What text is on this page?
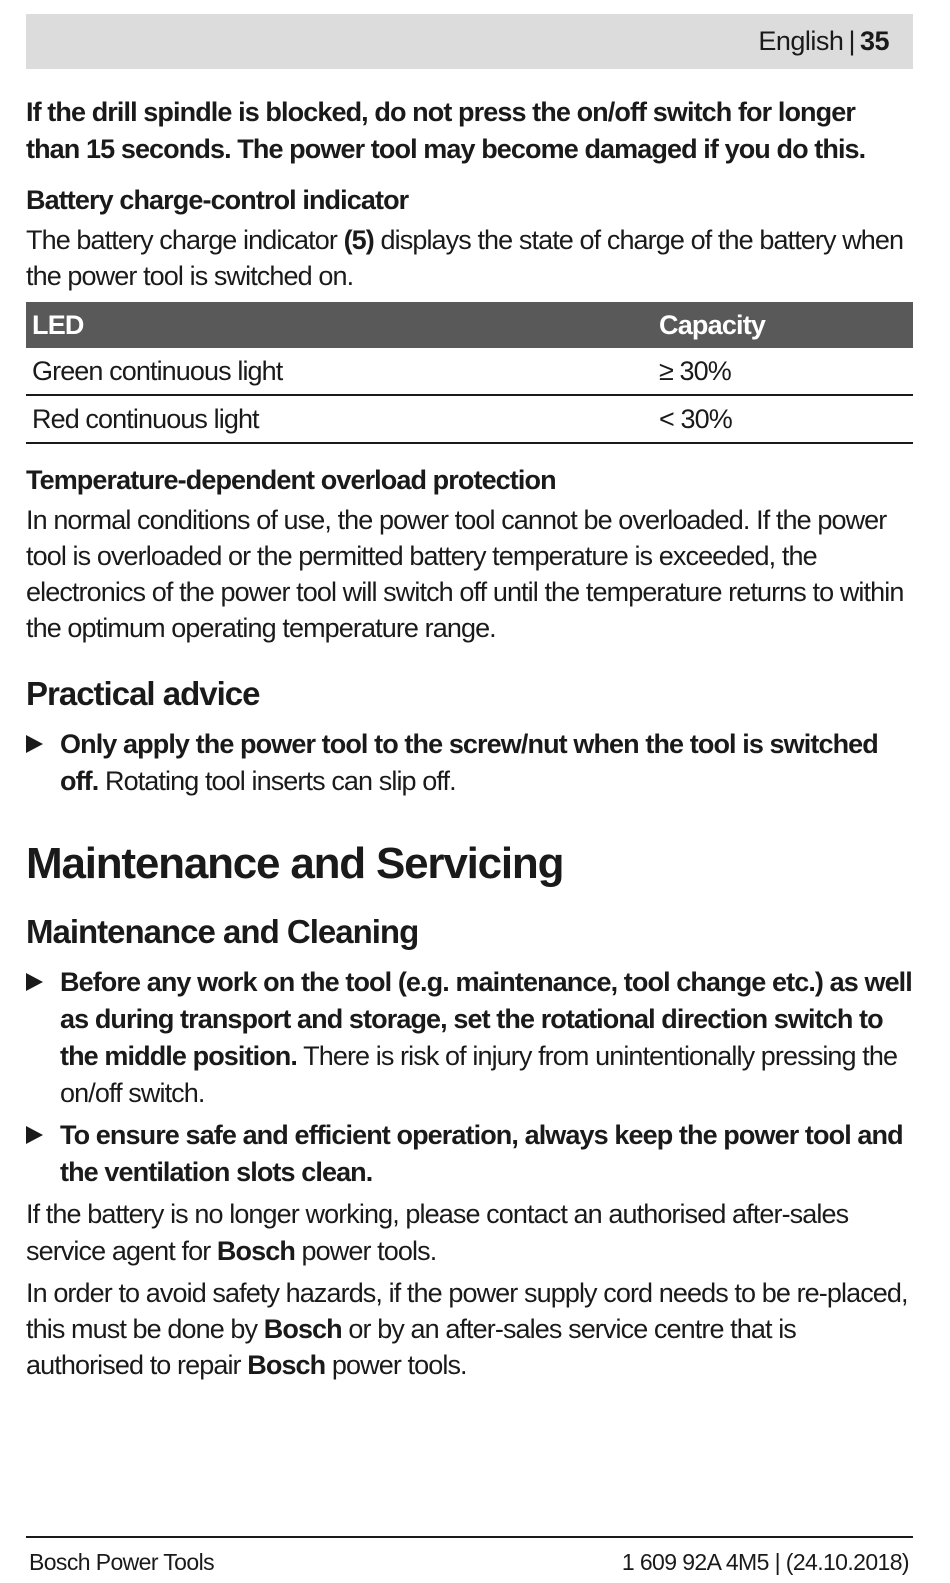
English | 35

If the drill spindle is blocked, do not press the on/off switch for longer than 15 seconds. The power tool may become damaged if you do this.

Battery charge-control indicator

The battery charge indicator (5) displays the state of charge of the battery when the power tool is switched on.

LED	Capacity
Green continuous light	≥ 30%
Red continuous light	< 30%

Temperature-dependent overload protection

In normal conditions of use, the power tool cannot be overloaded. If the power tool is overloaded or the permitted battery temperature is exceeded, the electronics of the power tool will switch off until the temperature returns to within the optimum operating temperature range.

Practical advice

Only apply the power tool to the screw/nut when the tool is switched off. Rotating tool inserts can slip off.

Maintenance and Servicing

Maintenance and Cleaning

Before any work on the tool (e.g. maintenance, tool change etc.) as well as during transport and storage, set the rotational direction switch to the middle position. There is risk of injury from unintentionally pressing the on/off switch.
To ensure safe and efficient operation, always keep the power tool and the ventilation slots clean.

If the battery is no longer working, please contact an authorised after-sales service agent for Bosch power tools.

In order to avoid safety hazards, if the power supply cord needs to be re-placed, this must be done by Bosch or by an after-sales service centre that is authorised to repair Bosch power tools.

Bosch Power Tools	1 609 92A 4M5 | (24.10.2018)
